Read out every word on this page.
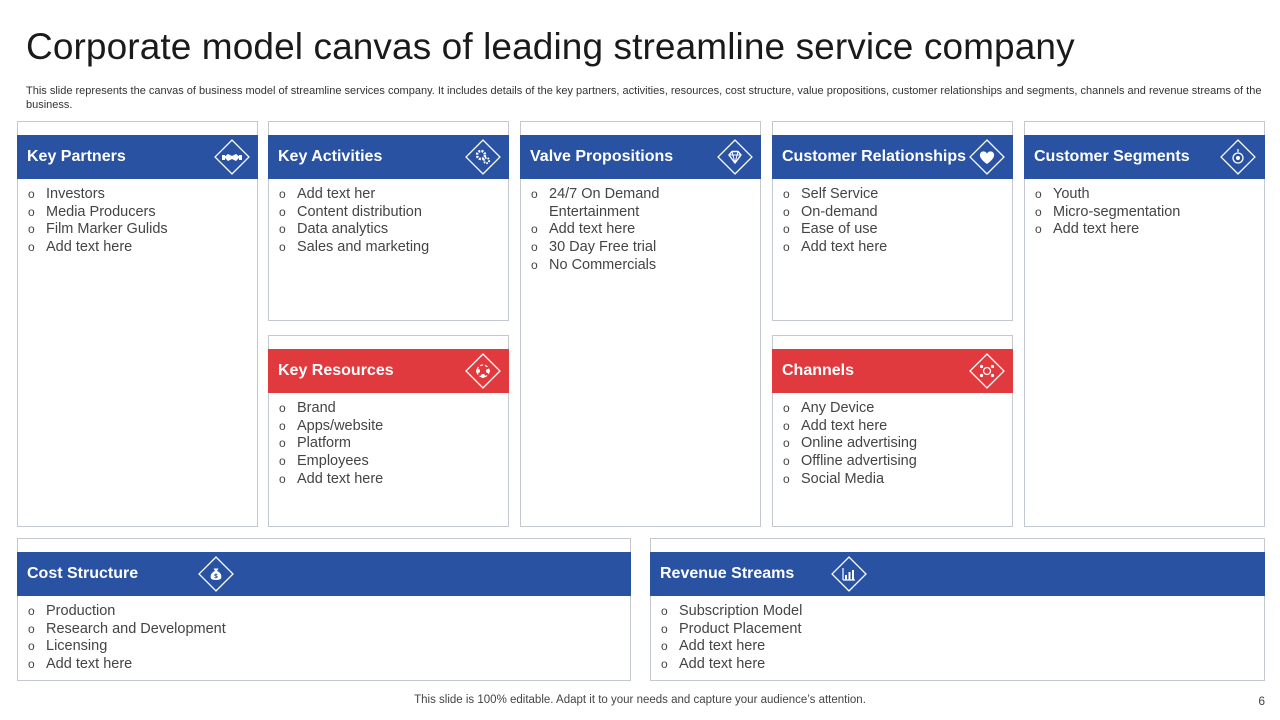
Corporate model canvas of leading streamline service company
This slide represents the canvas of business model of streamline services company. It includes details of the key partners, activities, resources, cost structure, value propositions, customer relationships and segments, channels and revenue streams of the business.
Key Partners
o Investors
o Media Producers
o Film Marker Gulids
o Add text here
Key Activities
o Add text her
o Content distribution
o Data analytics
o Sales and marketing
Key Resources
o Brand
o Apps/website
o Platform
o Employees
o Add text here
Valve Propositions
o 24/7 On Demand
Entertainment
o Add text here
o 30 Day Free trial
o No Commercials
Customer Relationships
o Self Service
o On-demand
o Ease of use
o Add text here
Channels
o Any Device
o Add text here
o Online advertising
o Offline advertising
o Social Media
Customer Segments
o Youth
o Micro-segmentation
o Add text here
Cost Structure	$
o Production
o Research and Development
o Licensing
o Add text here
Revenue Streams
o Subscription Model
o Product Placement
o Add text here
o Add text here
This slide is 100% editable. Adapt it to your needs and capture your audience’s attention.	6
